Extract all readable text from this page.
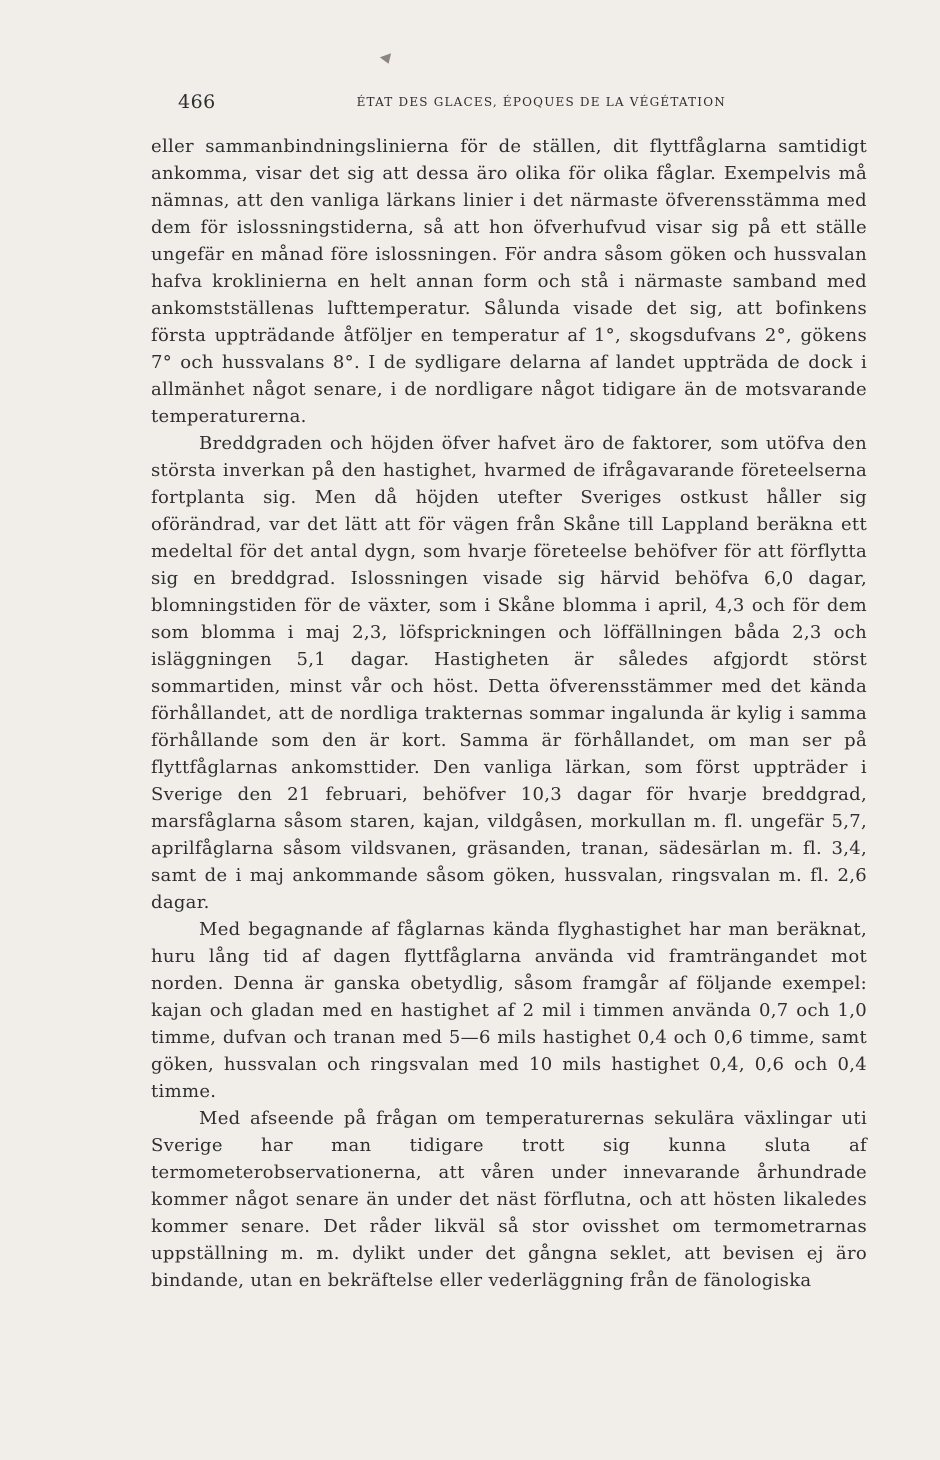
466	ÉTAT DES GLACES, ÉPOQUES DE LA VÉGÉTATION

eller sammanbindningslinierna för de ställen, dit flyttfåglarna samtidigt ankomma, visar det sig att dessa äro olika för olika fåglar. Exempelvis må nämnas, att den vanliga lärkans linier i det närmaste öfverensstämma med dem för islossningstiderna, så att hon öfverhufvud visar sig på ett ställe ungefär en månad före islossningen. För andra såsom göken och hussvalan hafva kroklinierna en helt annan form och stå i närmaste samband med ankomstställenas lufttemperatur. Sålunda visade det sig, att bofinkens första uppträdande åtföljer en temperatur af 1°, skogsdufvans 2°, gökens 7° och hussvalans 8°. I de sydligare delarna af landet uppträda de dock i allmänhet något senare, i de nordligare något tidigare än de motsvarande temperaturerna.

Breddgraden och höjden öfver hafvet äro de faktorer, som utöfva den största inverkan på den hastighet, hvarmed de ifrågavarande företeelserna fortplanta sig. Men då höjden utefter Sveriges ostkust håller sig oförändrad, var det lätt att för vägen från Skåne till Lappland beräkna ett medeltal för det antal dygn, som hvarje företeelse behöfver för att förflytta sig en breddgrad. Islossningen visade sig härvid behöfva 6,0 dagar, blomningstiden för de växter, som i Skåne blomma i april, 4,3 och för dem som blomma i maj 2,3, löfsprickningen och löffällningen båda 2,3 och isläggningen 5,1 dagar. Hastigheten är således afgjordt störst sommartiden, minst vår och höst. Detta öfverensstämmer med det kända förhållandet, att de nordliga trakternas sommar ingalunda är kylig i samma förhållande som den är kort. Samma är förhållandet, om man ser på flyttfåglarnas ankomsttider. Den vanliga lärkan, som först uppträder i Sverige den 21 februari, behöfver 10,3 dagar för hvarje breddgrad, marsfåglarna såsom staren, kajan, vildgåsen, morkullan m. fl. ungefär 5,7, aprilfåglarna såsom vildsvanen, gräsanden, tranan, sädesärlan m. fl. 3,4, samt de i maj ankommande såsom göken, hussvalan, ringsvalan m. fl. 2,6 dagar.

Med begagnande af fåglarnas kända flyghastighet har man beräknat, huru lång tid af dagen flyttfåglarna använda vid framträngandet mot norden. Denna är ganska obetydlig, såsom framgår af följande exempel: kajan och gladan med en hastighet af 2 mil i timmen använda 0,7 och 1,0 timme, dufvan och tranan med 5—6 mils hastighet 0,4 och 0,6 timme, samt göken, hussvalan och ringsvalan med 10 mils hastighet 0,4, 0,6 och 0,4 timme.

Med afseende på frågan om temperaturernas sekulära växlingar uti Sverige har man tidigare trott sig kunna sluta af termometerobservationerna, att våren under innevarande århundrade kommer något senare än under det näst förflutna, och att hösten likaledes kommer senare. Det råder likväl så stor ovisshet om termometrarnas uppställning m. m. dylikt under det gångna seklet, att bevisen ej äro bindande, utan en bekräftelse eller vederläggning från de fänologiska
